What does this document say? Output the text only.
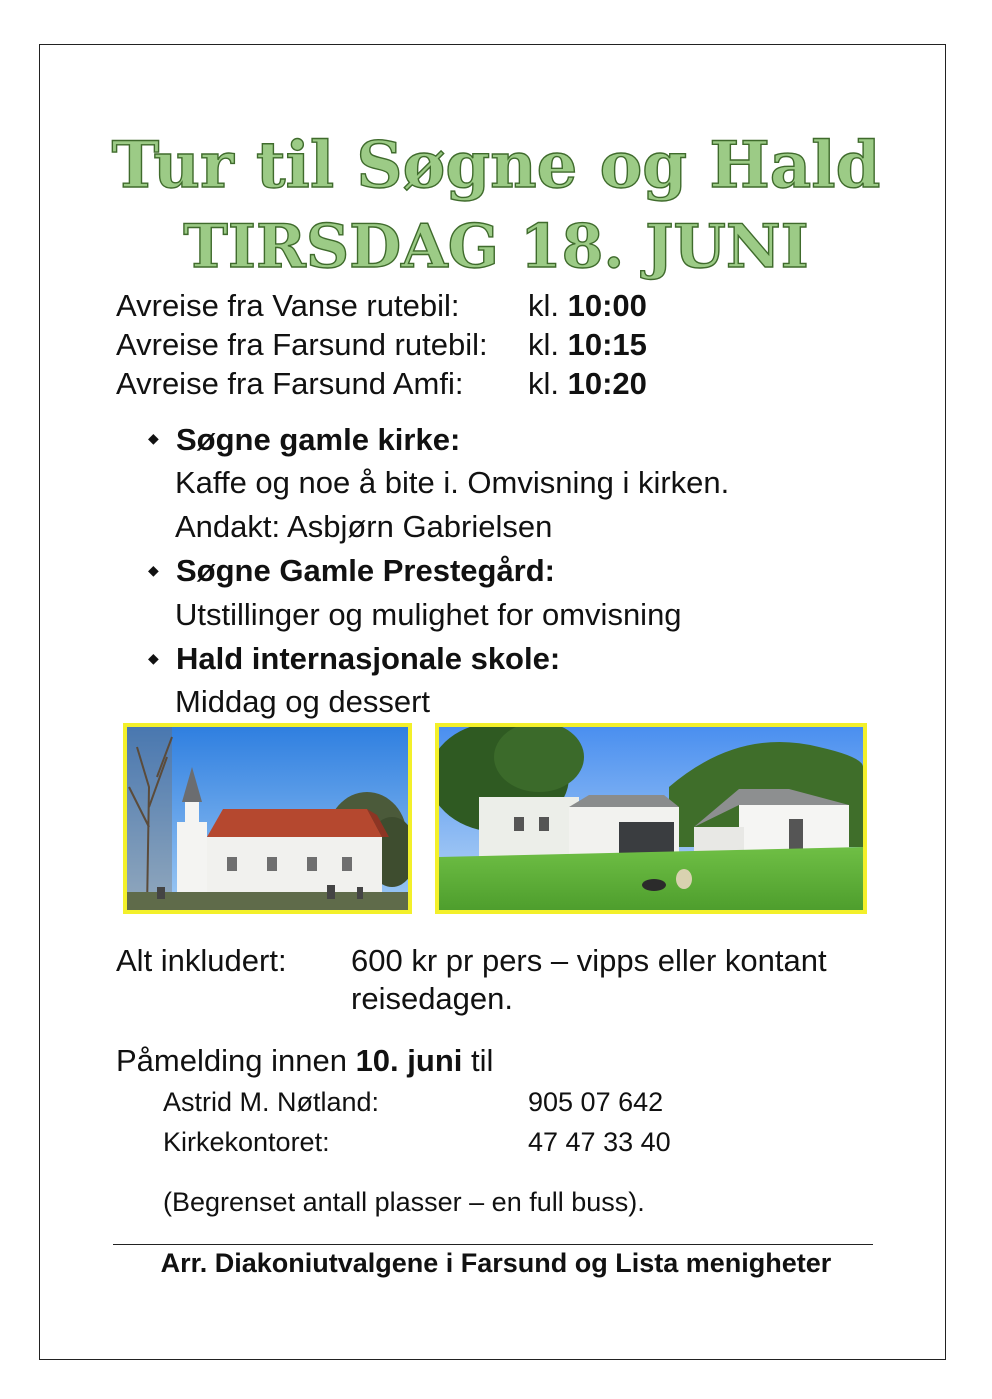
Tur til Søgne og Hald
TIRSDAG 18. JUNI
Avreise fra Vanse rutebil: kl. 10:00
Avreise fra Farsund rutebil: kl. 10:15
Avreise fra Farsund Amfi: kl. 10:20
◆ Søgne gamle kirke:
Kaffe og noe å bite i. Omvisning i kirken.
Andakt: Asbjørn Gabrielsen
◆ Søgne Gamle Prestegård:
Utstillinger og mulighet for omvisning
◆ Hald internasjonale skole:
Middag og dessert
Alt inkludert: 600 kr pr pers – vipps eller kontant
reisedagen.
Påmelding innen 10. juni til
Astrid M. Nøtland:	905 07 642
Kirkekontoret:	47 47 33 40
(Begrenset antall plasser – en full buss).
Arr. Diakoniutvalgene i Farsund og Lista menigheter
